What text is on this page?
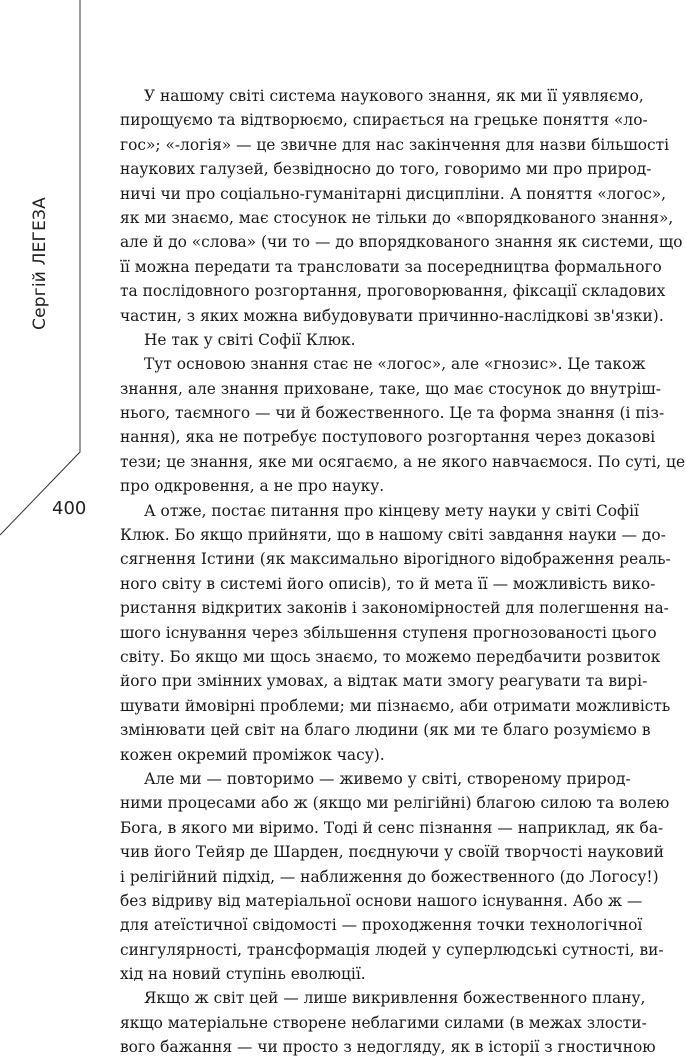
Сергій ЛЕГЕЗА
400
У нашому світі система наукового знання, як ми її уявляємо,
пирощуємо та відтворюємо, спирається на грецьке поняття «ло-
гос»; «-логія» — це звичне для нас закінчення для назви більшості
наукових галузей, безвідносно до того, говоримо ми про природ-
ничі чи про соціально-гуманітарні дисципліни. А поняття «логос»,
як ми знаємо, має стосунок не тільки до «впорядкованого знання»,
але й до «слова» (чи то — до впорядкованого знання як системи, що
її можна передати та трансловати за посередництва формального
та послідовного розгортання, проговорювання, фіксації складових
частин, з яких можна вибудовувати причинно-наслідкові зв'язки).
Не так у світі Софії Клюк.
Тут основою знання стає не «логос», але «гнозис». Це також
знання, але знання приховане, таке, що має стосунок до внутріш-
нього, таємного — чи й божественного. Це та форма знання (і піз-
нання), яка не потребує поступового розгортання через доказові
тези; це знання, яке ми осягаємо, а не якого навчаємося. По суті, це
про одкровення, а не про науку.
А отже, постає питання про кінцеву мету науки у світі Софії
Клюк. Бо якщо прийняти, що в нашому світі завдання науки — до-
сягнення Істини (як максимально вірогідного відображення реаль-
ного світу в системі його описів), то й мета її — можливість вико-
ристання відкритих законів і закономірностей для полегшення на-
шого існування через збільшення ступеня прогнозованості цього
світу. Бо якщо ми щось знаємо, то можемо передбачити розвиток
його при змінних умовах, а відтак мати змогу реагувати та вирі-
шувати ймовірні проблеми; ми пізнаємо, аби отримати можливість
змінювати цей світ на благо людини (як ми те благо розуміємо в
кожен окремий проміжок часу).
Але ми — повторимо — живемо у світі, створеному природ-
ними процесами або ж (якщо ми релігійні) благою силою та волею
Бога, в якого ми віримо. Тоді й сенс пізнання — наприклад, як ба-
чив його Тейяр де Шарден, поєднуючи у своїй творчості науковий
і релігійний підхід, — наближення до божественного (до Логосу!)
без відриву від матеріальної основи нашого існування. Або ж —
для атеїстичної свідомості — проходження точки технологічної
сингулярності, трансформація людей у суперлюдські сутності, ви-
хід на новий ступінь еволюції.
Якщо ж світ цей — лише викривлення божественного плану,
якщо матеріальне створене неблагими силами (в межах злости-
вого бажання — чи просто з недогляду, як в історії з гностичною
